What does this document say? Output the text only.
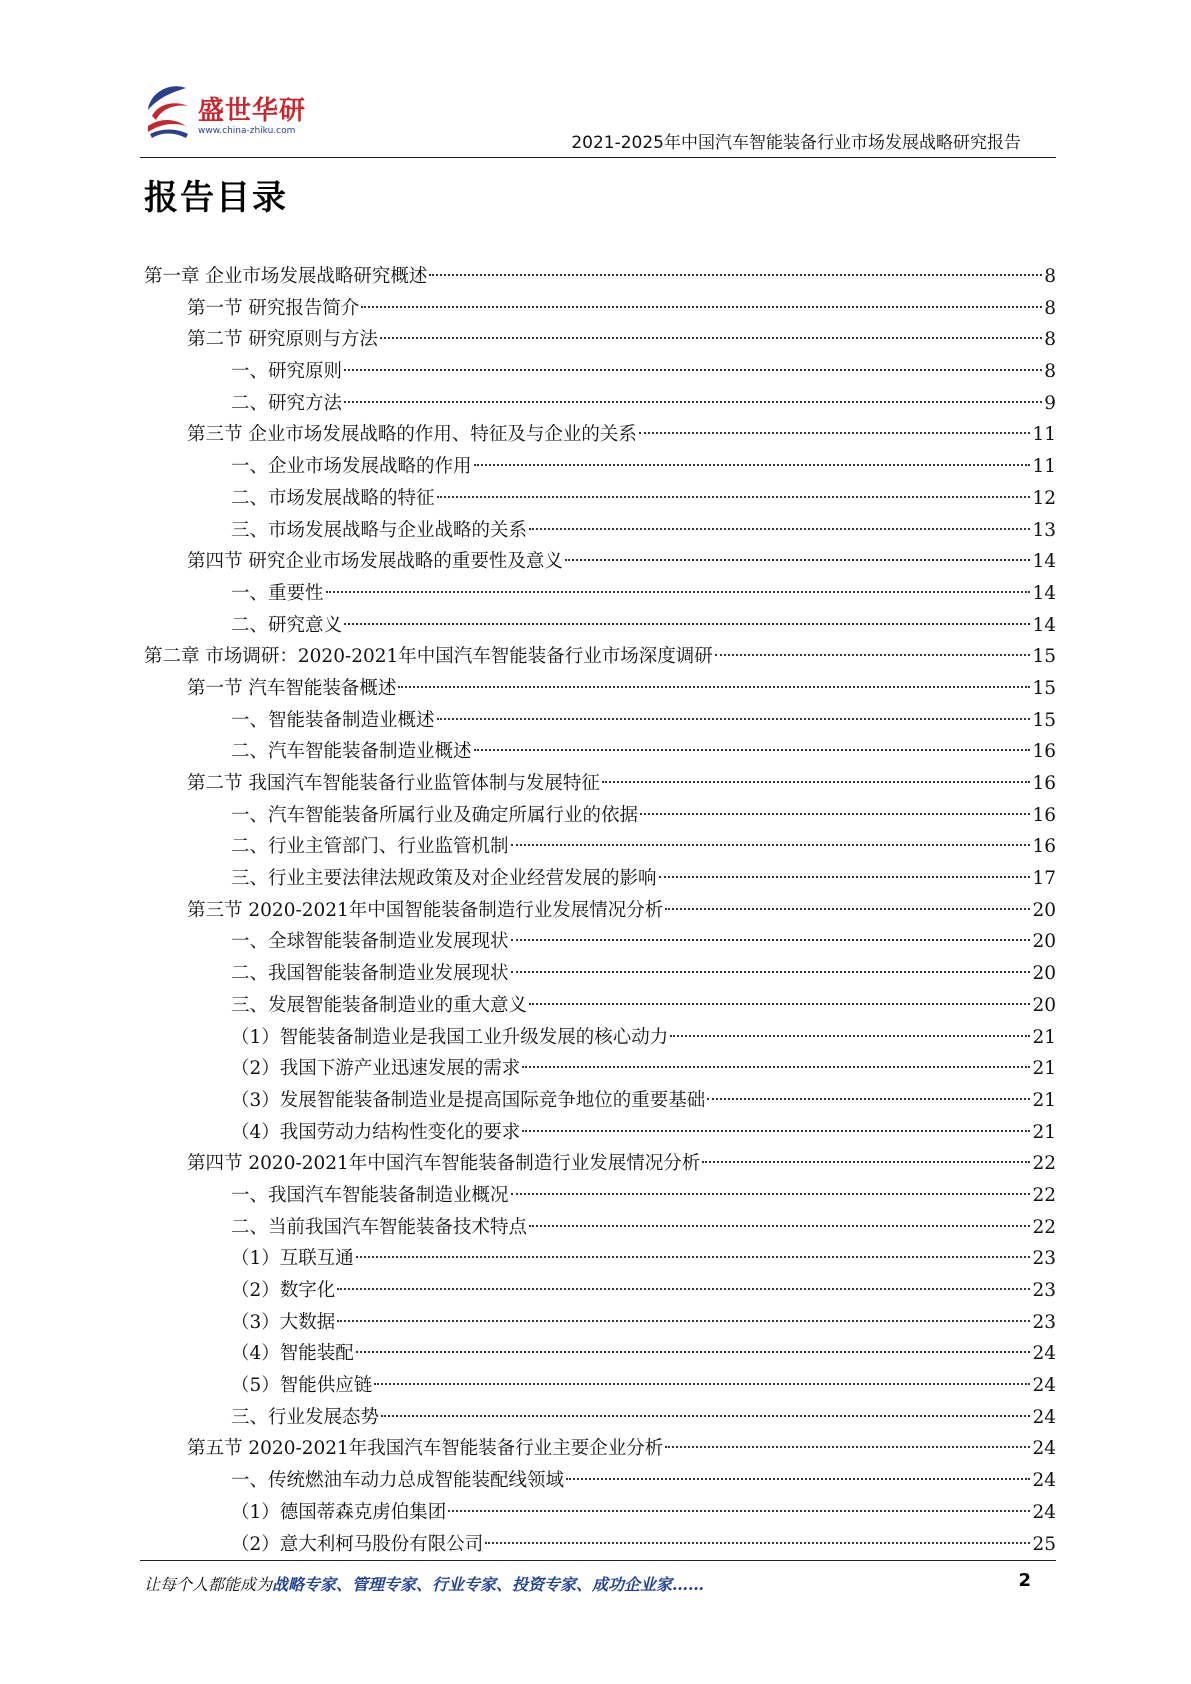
盛世华研
www.china-zhiku.com
2021-2025年中国汽车智能装备行业市场发展战略研究报告
报告目录
第一章 企业市场发展战略研究概述	8
第一节 研究报告简介	8
第二节 研究原则与方法	8
一、研究原则	8
二、研究方法	9
第三节 企业市场发展战略的作用、特征及与企业的关系	11
一、企业市场发展战略的作用	11
二、市场发展战略的特征	12
三、市场发展战略与企业战略的关系	13
第四节 研究企业市场发展战略的重要性及意义	14
一、重要性	14
二、研究意义	14
第二章 市场调研：2020-2021年中国汽车智能装备行业市场深度调研	15
第一节 汽车智能装备概述	15
一、智能装备制造业概述	15
二、汽车智能装备制造业概述	16
第二节 我国汽车智能装备行业监管体制与发展特征	16
一、汽车智能装备所属行业及确定所属行业的依据	16
二、行业主管部门、行业监管机制	16
三、行业主要法律法规政策及对企业经营发展的影响	17
第三节 2020-2021年中国智能装备制造行业发展情况分析	20
一、全球智能装备制造业发展现状	20
二、我国智能装备制造业发展现状	20
三、发展智能装备制造业的重大意义	20
（1）智能装备制造业是我国工业升级发展的核心动力	21
（2）我国下游产业迅速发展的需求	21
（3）发展智能装备制造业是提高国际竞争地位的重要基础	21
（4）我国劳动力结构性变化的要求	21
第四节 2020-2021年中国汽车智能装备制造行业发展情况分析	22
一、我国汽车智能装备制造业概况	22
二、当前我国汽车智能装备技术特点	22
（1）互联互通	23
（2）数字化	23
（3）大数据	23
（4）智能装配	24
（5）智能供应链	24
三、行业发展态势	24
第五节 2020-2021年我国汽车智能装备行业主要企业分析	24
一、传统燃油车动力总成智能装配线领域	24
（1）德国蒂森克虏伯集团	24
（2）意大利柯马股份有限公司	25
让每个人都能成为战略专家、管理专家、行业专家、投资专家、成功企业家……	2
